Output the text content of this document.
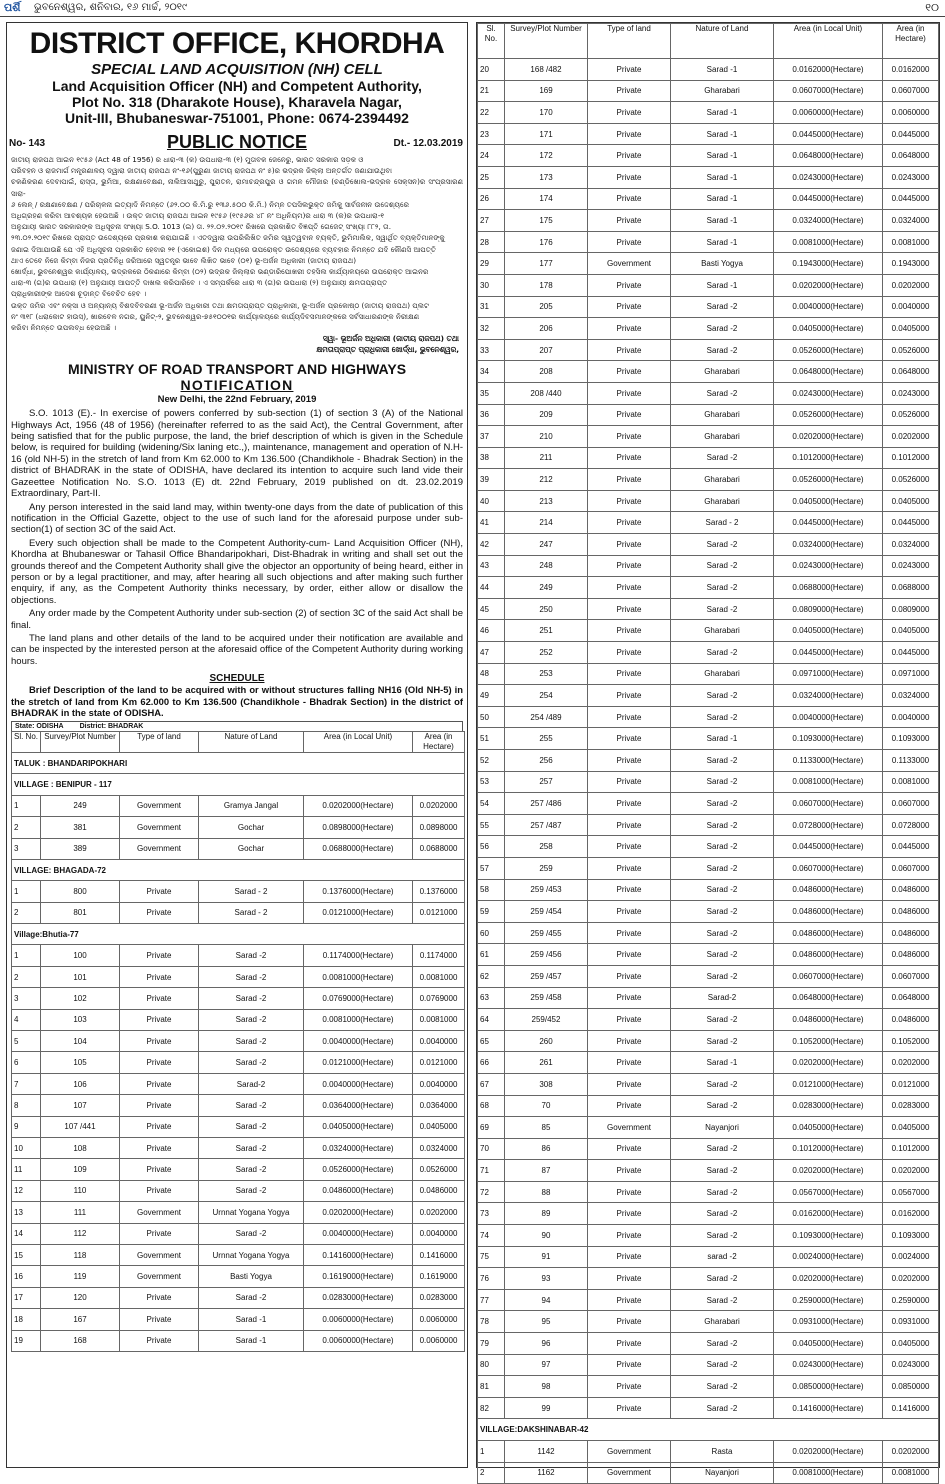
ପର୍ଶି ଭୁବନେଶ୍ୱର, ଶନିବାର, ୧୬ ମାର୍ଚ୍ଚ, ୨୦୧୯	୧୦
DISTRICT OFFICE, KHORDHA
SPECIAL LAND ACQUISITION (NH) CELL
Land Acquisition Officer (NH) and Competent Authority,
Plot No. 318 (Dharakote House), Kharavela Nagar,
Unit-III, Bhubaneswar-751001, Phone: 0674-2394492
No- 143	PUBLIC NOTICE	Dt.- 12.03.2019
ଜାତୀୟ ରାଜପଥ ଆଇନ ୧୯୫୬ (Act 48 of 1956) ର ଧାରା-୩ (କ) ଉପଧାରା-୩ (୧) ମୁତାବକ ଜେନେରୁ, ଭାରତ ସରକାର ସଡ଼କ ଓ
ପରିବହନ ଓ ରାଜମାର୍ଗ ମନ୍ତ୍ରଣାଳୟ ଦ୍ୱାରା ଜାତୀୟ ରାଜପଥ ନଂ-୧୬(ପୁରୁଣା ଜାତୀୟ ରାଜପଥ ନଂ ୫)ର ଭଦ୍ରକ ଜିଲ୍ଲା ଅନ୍ତର୍ଗତ ଜଣାଯାଉଥିବା
ଚକଣିକରଣ ଦେବାପାଇଁ, ରାସ୍ତା, ଭୁମିଆ, ରକ୍ଷଣାବେକ୍ଷଣ, ନାଲିଆସାଥୁରୁ, ପୁରାତନ, ରାମାଚନ୍ଦ୍ରପୁର ଓ ଗମନ ମୌଜାର (ଚଣ୍ଡିଖୋଲ-ଭଦ୍ରକ ସେକ୍ସନ)ର ସଂପ୍ରସାରଣ ସାରା-
୬ ଲେନ୍ / ରକ୍ଷଣାବେକ୍ଷଣ / ପରିଚାଳନା ଇତ୍ୟାଦି ନିମନ୍ତେ (୬୨.୦୦ କି.ମି.ରୁ ୧୩୬.୫୦୦ କି.ମି.) ନିମ୍ନ ତପସିଲଭୁକ୍ତ ଜମିକୁ ସାର୍ବଜନୀନ ଉଦ୍ଦେଶ୍ୟରେ
ଅଧିଗ୍ରହଣ କରିବା ଆବଶ୍ୟକ ହେଉଅଛି । ଉକ୍ତ ଜାତୀୟ ରାଜପଥ ଆଇନ ୧୯୫୬ (୧୯୫୬ର ୪୮ ନଂ ଅଧିନିୟମ)ର ଧାରା ୩ (କ)ର ଉପଧାରା-୧
ଅନୁଯାୟୀ ଭାରତ ସରକାରଙ୍କ ଅଧିସୂଚନା ସଂଖ୍ୟା S.O. 1013 (ଇ) ତା. ୨୨.୦୨.୨୦୧୯ ରିଖରେ ପ୍ରକାଶିତ ବିଜ୍ଞପ୍ତି ଗେଜେଟ୍ ସଂଖ୍ୟା ୮୮୨, ତା.
୨୩.୦୨.୨୦୧୯ ରିଖରେ ପ୍ରାପ୍ତ ଉଦ୍ଦେଶ୍ୟରେ ପ୍ରକାଶ କରାଯାଇଛି । ଏତଦ୍ୱାରା ଉପରିଲିଖିତ ଜମିର ସ୍ୱତ୍ୱବାନ ବ୍ୟକ୍ତି, ଭୁମିମାଲିକ, ସ୍ୱାର୍ଥିତ ବ୍ୟକ୍ତିମାନଙ୍କୁ
ଜଣାଇ ଦିଆଯାଉଛି ଯେ ଏହି ଅଧିସୂଚନା ପ୍ରକାଶିତ ହେବାର ୨୧ (ଏକୋଇଶ) ଦିନ ମଧ୍ୟରେ ଉପରୋକ୍ତ ଉଦ୍ଦେଶ୍ୟରେ ବ୍ୟବହାର ନିମନ୍ତେ ଯଦି କୌଣସି ଆପତ୍ତି
ଥାଏ ତେବେ ନିଜେ କିମ୍ବା ନିଜର ପ୍ରତିନିଧି ଜରିଆରେ ସ୍ୱତନ୍ତ୍ର ଭାବେ ଲିଖିତ ଭାବେ (୦୧) ଭୂ-ଅର୍ଜନ ଅଧିକାରୀ (ଜାତୀୟ ରାଜପଥ)
ଖୋର୍ଦ୍ଧା, ଭୁବନେଶ୍ୱର କାର୍ଯ୍ୟାଳୟ, ଭଦ୍ରକରେ ଠିକଣାରେ କିମ୍ବା (୦୨) ଭଦ୍ରକ ଜିଲ୍ଲାର ଭଣ୍ଡାରିପୋଖରୀ ତହସିଲ କାର୍ଯ୍ୟାଳୟରେ ଉପରୋକ୍ତ ଆଇନର
ଧାରା-୩ (ଗ)ର ଉପଧାରା (୧) ଅନୁଯାୟୀ ଆପତ୍ତି ଦାଖଲ କରିପାରିବେ । ଏ ସମ୍ପର୍କରେ ଧାରା ୩ (ଗ)ର ଉପଧାରା (୨) ଅନୁଯାୟୀ କ୍ଷମତାପ୍ରାପ୍ତ
ପ୍ରାଧିକାରୀଙ୍କ ଆଦେଶ ଚୂଡ଼ାନ୍ତ ବିବେଚିତ ହେବ ।
ଉକ୍ତ ଜମିର ଏବଂ ନକ୍ସା ଓ ଅନ୍ୟାନ୍ୟ ବିଶଦବିବରଣୀ ଭୂ-ଅର୍ଜନ ଅଧିକାରୀ ତଥା କ୍ଷମତାପ୍ରାପ୍ତ ପ୍ରାଧିକାରୀ, ଭୂ-ଅର୍ଜନ ପ୍ରକୋଷ୍ଠ (ଜାତୀୟ ରାଜପଥ) ପ୍ଲଟ
ନଂ ୩୧୮ (ଧରାକୋଟ ହାଉସ୍), ଖାରବେଳ ନଗର, ୟୁନିଟ୍-୨, ଭୁବନେଶ୍ୱର-୭୫୧୦୦୧ର କାର୍ଯ୍ୟାଳୟରେ କାର୍ଯ୍ୟଦିବସମାନଙ୍କରେ ସର୍ବସାଧାରଣଙ୍କ ନିରୀକ୍ଷଣ
କରିବା ନିମନ୍ତେ ଉପଲବ୍ଧ ହେଉଅଛି ।
ସ୍ୱା- ଭୂଅର୍ଜନ ଅଧିକାରୀ (ଜାତୀୟ ରାଜପଥ) ତଥା
କ୍ଷମତାପ୍ରାପ୍ତ ପ୍ରାଧିକାରୀ ଖୋର୍ଦ୍ଧା, ଭୁବନେଶ୍ୱର,
MINISTRY OF ROAD TRANSPORT AND HIGHWAYS
NOTIFICATION
New Delhi, the 22nd February, 2019
S.O. 1013 (E).- In exercise of powers conferred by sub-section (1) of section 3 (A) of the National Highways Act, 1956 (48 of 1956) (hereinafter referred to as the said Act), the Central Government, after being satisfied that for the public purpose, the land, the brief description of which is given in the Schedule below, is required for building (widening/Six laning etc.,), maintenance, management and operation of N.H-16 (old NH-5) in the stretch of land from Km 62.000 to Km 136.500 (Chandikhole - Bhadrak Section) in the district of BHADRAK in the state of ODISHA, have declared its intention to acquire such land vide their Gazeettee Notification No. S.O. 1013 (E) dt. 22nd February, 2019 published on dt. 23.02.2019 Extraordinary, Part-II.
Any person interested in the said land may, within twenty-one days from the date of publication of this notification in the Official Gazette, object to the use of such land for the aforesaid purpose under sub-section(1) of section 3C of the said Act.
Every such objection shall be made to the Competent Authority-cum- Land Acquisition Officer (NH), Khordha at Bhubaneswar or Tahasil Office Bhandaripokhari, Dist-Bhadrak in writing and shall set out the grounds thereof and the Competent Authority shall give the objector an opportunity of being heard, either in person or by a legal practitioner, and may, after hearing all such objections and after making such further enquiry, if any, as the Competent Authority thinks necessary, by order, either allow or disallow the objections.
Any order made by the Competent Authority under sub-section (2) of section 3C of the said Act shall be final.
The land plans and other details of the land to be acquired under their notification are available and can be inspected by the interested person at the aforesaid office of the Competent Authority during working hours.
SCHEDULE
Brief Description of the land to be acquired with or without structures falling NH16 (Old NH-5) in the stretch of land from Km 62.000 to Km 136.500 (Chandikhole - Bhadrak Section) in the district of BHADRAK in the state of ODISHA.
State: ODISHA District: BHADRAK
Sl. No.	Survey/Plot Number	Type of land	Nature of Land	Area (in Local Unit)	Area (in Hectare)
TALUK : BHANDARIPOKHARI					
VILLAGE : BENIPUR - 117					
1	249	Government	Gramya Jangal	0.0202000(Hectare)	0.0202000
2	381	Government	Gochar	0.0898000(Hectare)	0.0898000
3	389	Government	Gochar	0.0688000(Hectare)	0.0688000
VILLAGE: BHAGADA-72					
1	800	Private	Sarad - 2	0.1376000(Hectare)	0.1376000
2	801	Private	Sarad - 2	0.0121000(Hectare)	0.0121000
Village:Bhutia-77					
1	100	Private	Sarad -2	0.1174000(Hectare)	0.1174000
2	101	Private	Sarad -2	0.0081000(Hectare)	0.0081000
3	102	Private	Sarad -2	0.0769000(Hectare)	0.0769000
4	103	Private	Sarad -2	0.0081000(Hectare)	0.0081000
5	104	Private	Sarad -2	0.0040000(Hectare)	0.0040000
6	105	Private	Sarad -2	0.0121000(Hectare)	0.0121000
7	106	Private	Sarad-2	0.0040000(Hectare)	0.0040000
8	107	Private	Sarad -2	0.0364000(Hectare)	0.0364000
9	107 /441	Private	Sarad -2	0.0405000(Hectare)	0.0405000
10	108	Private	Sarad -2	0.0324000(Hectare)	0.0324000
11	109	Private	Sarad -2	0.0526000(Hectare)	0.0526000
12	110	Private	Sarad -2	0.0486000(Hectare)	0.0486000
13	111	Government	Urnnat Yogana Yogya	0.0202000(Hectare)	0.0202000
14	112	Private	Sarad -2	0.0040000(Hectare)	0.0040000
15	118	Government	Urnnat Yogana Yogya	0.1416000(Hectare)	0.1416000
16	119	Government	Basti Yogya	0.1619000(Hectare)	0.1619000
17	120	Private	Sarad -2	0.0283000(Hectare)	0.0283000
18	167	Private	Sarad -1	0.0060000(Hectare)	0.0060000
19	168	Private	Sarad -1	0.0060000(Hectare)	0.0060000
Sl. No.	Survey/Plot Number	Type of land	Nature of Land	Area (in Local Unit)	Area (in Hectare)
20	168 /482	Private	Sarad -1	0.0162000(Hectare)	0.0162000
21	169	Private	Gharabari	0.0607000(Hectare)	0.0607000
22	170	Private	Sarad -1	0.0060000(Hectare)	0.0060000
23	171	Private	Sarad -1	0.0445000(Hectare)	0.0445000
24	172	Private	Sarad -1	0.0648000(Hectare)	0.0648000
25	173	Private	Sarad -1	0.0243000(Hectare)	0.0243000
26	174	Private	Sarad -1	0.0445000(Hectare)	0.0445000
27	175	Private	Sarad -1	0.0324000(Hectare)	0.0324000
28	176	Private	Sarad -1	0.0081000(Hectare)	0.0081000
29	177	Government	Basti Yogya	0.1943000(Hectare)	0.1943000
30	178	Private	Sarad -1	0.0202000(Hectare)	0.0202000
31	205	Private	Sarad -2	0.0040000(Hectare)	0.0040000
32	206	Private	Sarad -2	0.0405000(Hectare)	0.0405000
33	207	Private	Sarad -2	0.0526000(Hectare)	0.0526000
34	208	Private	Gharabari	0.0648000(Hectare)	0.0648000
35	208 /440	Private	Sarad -2	0.0243000(Hectare)	0.0243000
36	209	Private	Gharabari	0.0526000(Hectare)	0.0526000
37	210	Private	Gharabari	0.0202000(Hectare)	0.0202000
38	211	Private	Sarad -2	0.1012000(Hectare)	0.1012000
39	212	Private	Gharabari	0.0526000(Hectare)	0.0526000
40	213	Private	Gharabari	0.0405000(Hectare)	0.0405000
41	214	Private	Sarad - 2	0.0445000(Hectare)	0.0445000
42	247	Private	Sarad -2	0.0324000(Hectare)	0.0324000
43	248	Private	Sarad -2	0.0243000(Hectare)	0.0243000
44	249	Private	Sarad -2	0.0688000(Hectare)	0.0688000
45	250	Private	Sarad -2	0.0809000(Hectare)	0.0809000
46	251	Private	Gharabari	0.0405000(Hectare)	0.0405000
47	252	Private	Sarad -2	0.0445000(Hectare)	0.0445000
48	253	Private	Gharabari	0.0971000(Hectare)	0.0971000
49	254	Private	Sarad -2	0.0324000(Hectare)	0.0324000
50	254 /489	Private	Sarad -2	0.0040000(Hectare)	0.0040000
51	255	Private	Sarad -1	0.1093000(Hectare)	0.1093000
52	256	Private	Sarad -2	0.1133000(Hectare)	0.1133000
53	257	Private	Sarad -2	0.0081000(Hectare)	0.0081000
54	257 /486	Private	Sarad -2	0.0607000(Hectare)	0.0607000
55	257 /487	Private	Sarad -2	0.0728000(Hectare)	0.0728000
56	258	Private	Sarad -2	0.0445000(Hectare)	0.0445000
57	259	Private	Sarad -2	0.0607000(Hectare)	0.0607000
58	259 /453	Private	Sarad -2	0.0486000(Hectare)	0.0486000
59	259 /454	Private	Sarad -2	0.0486000(Hectare)	0.0486000
60	259 /455	Private	Sarad -2	0.0486000(Hectare)	0.0486000
61	259 /456	Private	Sarad -2	0.0486000(Hectare)	0.0486000
62	259 /457	Private	Sarad -2	0.0607000(Hectare)	0.0607000
63	259 /458	Private	Sarad-2	0.0648000(Hectare)	0.0648000
64	259/452	Private	Sarad -2	0.0486000(Hectare)	0.0486000
65	260	Private	Sarad -2	0.1052000(Hectare)	0.1052000
66	261	Private	Sarad -1	0.0202000(Hectare)	0.0202000
67	308	Private	Sarad -2	0.0121000(Hectare)	0.0121000
68	70	Private	Sarad -2	0.0283000(Hectare)	0.0283000
69	85	Government	Nayanjori	0.0405000(Hectare)	0.0405000
70	86	Private	Sarad -2	0.1012000(Hectare)	0.1012000
71	87	Private	Sarad -2	0.0202000(Hectare)	0.0202000
72	88	Private	Sarad -2	0.0567000(Hectare)	0.0567000
73	89	Private	Sarad -2	0.0162000(Hectare)	0.0162000
74	90	Private	Sarad -2	0.1093000(Hectare)	0.1093000
75	91	Private	sarad -2	0.0024000(Hectare)	0.0024000
76	93	Private	Sarad -2	0.0202000(Hectare)	0.0202000
77	94	Private	Sarad -2	0.2590000(Hectare)	0.2590000
78	95	Private	Gharabari	0.0931000(Hectare)	0.0931000
79	96	Private	Sarad -2	0.0405000(Hectare)	0.0405000
80	97	Private	Sarad -2	0.0243000(Hectare)	0.0243000
81	98	Private	Sarad -2	0.0850000(Hectare)	0.0850000
82	99	Private	Sarad -2	0.1416000(Hectare)	0.1416000
VILLAGE:DAKSHINABAR-42					
1	1142	Government	Rasta	0.0202000(Hectare)	0.0202000
2	1162	Government	Nayanjori	0.0081000(Hectare)	0.0081000
